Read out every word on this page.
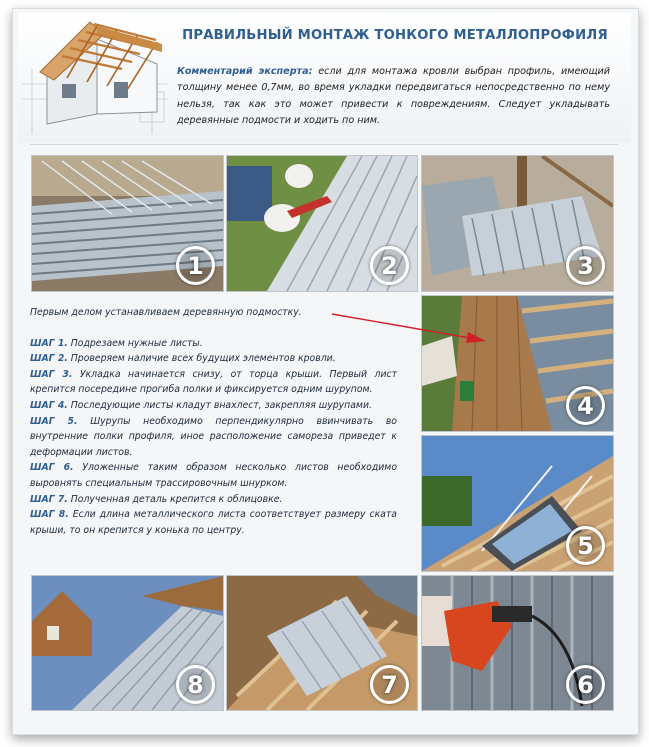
ПРАВИЛЬНЫЙ МОНТАЖ ТОНКОГО МЕТАЛЛОПРОФИЛЯ
Комментарий эксперта: если для монтажа кровли выбран профиль, имеющий толщину менее 0,7мм, во время укладки передвигаться непосредственно по нему нельзя, так как это может привести к повреждениям. Следует укладывать деревянные подмости и ходить по ним.
1	2	3
4
5
8	7	6

Первым делом устанавливаем деревянную подмостку.

ШАГ 1. Подрезаем нужные листы.

ШАГ 2. Проверяем наличие всех будущих элементов кровли.

ШАГ 3. Укладка начинается снизу, от торца крыши. Первый лист крепится посередине прогиба полки и фиксируется одним шурупом.

ШАГ 4. Последующие листы кладут внахлест, закрепляя шурупами.

ШАГ 5. Шурупы необходимо перпендикулярно ввинчивать во внутренние полки профиля, иное расположение самореза приведет к деформации листов.

ШАГ 6. Уложенные таким образом несколько листов необходимо выровнять специальным трассировочным шнурком.

ШАГ 7. Полученная деталь крепится к облицовке.

ШАГ 8. Если длина металлического листа соответствует размеру ската крыши, то он крепится у конька по центру.
